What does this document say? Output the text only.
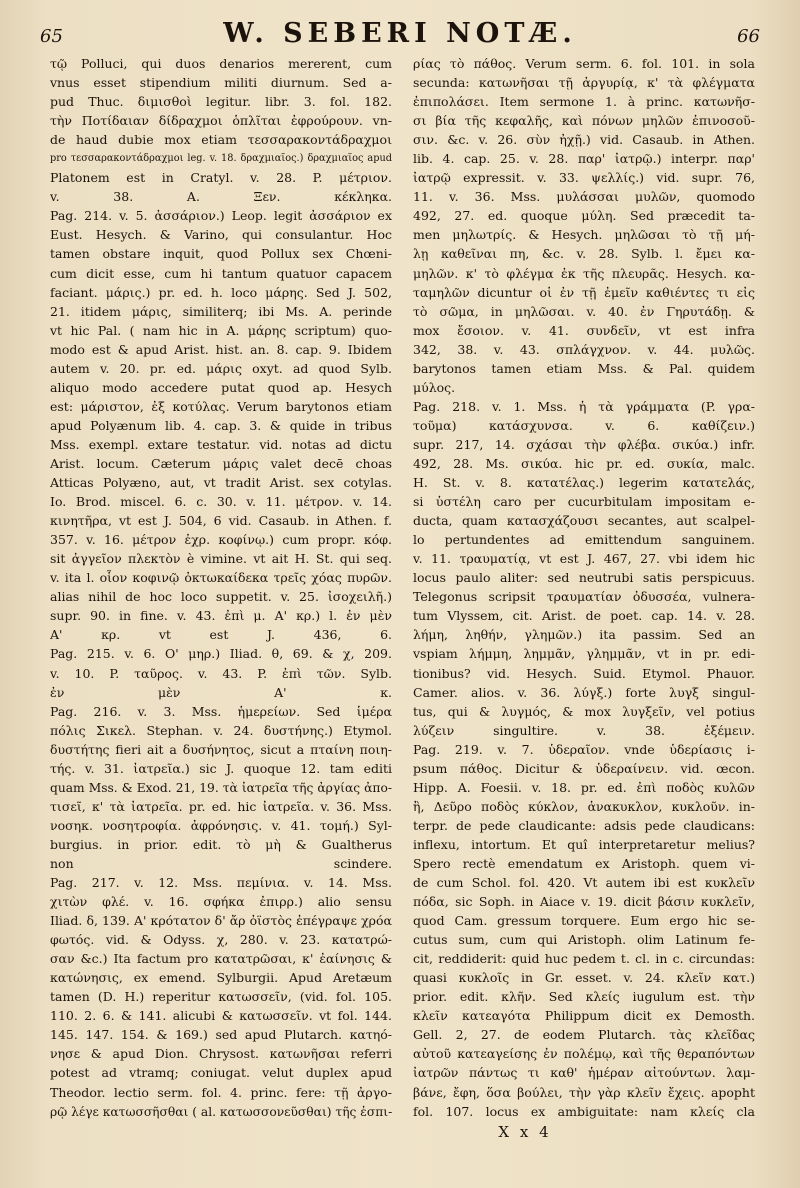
65	W. SEBERI NOTÆ.	66
τῷ Polluci, qui duos denarios mererent, cum
vnus esset stipendium militi diurnum. Sed a-
pud Thuc. διμισθοὶ legitur. libr. 3. fol. 182.
τὴν Ποτίδαιαν δίδραχμοι ὁπλῖται ἐφρούρουν. vn-
de haud dubie mox etiam τεσσαρακοντάδραχμοι
pro τεσσαρακοντάδραχμοι leg. v. 18. δραχμιαῖος.) δραχμιαῖος apud
Platonem est in Cratyl. v. 28. P. μέτριον.
v. 38. A. Ξεν. κέκληκα.
Pag. 214. v. 5. ἀσσάριον.) Leop. legit ἀσσάριον ex
Eust. Hesych. & Varino, qui consulantur. Hoc
tamen obstare inquit, quod Pollux sex Chœni-
cum dicit esse, cum hi tantum quatuor capacem
faciant. μάρις.) pr. ed. h. loco μάρης. Sed J. 502,
21. itidem μάρις, similiterq; ibi Ms. A. perinde
vt hic Pal. ( nam hic in A. μάρης scriptum) quo-
modo est & apud Arist. hist. an. 8. cap. 9. Ibidem
autem v. 20. pr. ed. μάρις oxyt. ad quod Sylb.
aliquo modo accedere putat quod ap. Hesych
est: μάριστον, ἐξ κοτύλας. Verum barytonos etiam
apud Polyænum lib. 4. cap. 3. & quide in tribus
Mss. exempl. extare testatur. vid. notas ad dictu
Arist. locum. Cæterum μάρις valet decē choas
Atticas Polyæno, aut, vt tradit Arist. sex cotylas.
Io. Brod. miscel. 6. c. 30. v. 11. μέτρον. v. 14.
κινητῆρα, vt est J. 504, 6 vid. Casaub. in Athen. f.
357. v. 16. μέτρον ἐχρ. κοφίνῳ.) cum propr. κόφ.
sit ἀγγεῖον πλεκτὸν è vimine. vt ait H. St. qui seq.
v. ita l. οἷον κοφινῷ ὀκτωκαίδεκα τρεῖς χόας πυρῶν.
alias nihil de hoc loco suppetit. v. 25. ἰσοχειλῆ.)
supr. 90. in fine. v. 43. ἐπὶ μ. Α' κρ.) l. ἐν μὲν
Α' κρ. vt est J. 436, 6.
Pag. 215. v. 6. Ο' μηρ.) Iliad. θ, 69. & χ, 209.
v. 10. P. ταῦρος. v. 43. P. ἐπὶ τῶν. Sylb.
ἐν μὲν Α' κ.
Pag. 216. v. 3. Mss. ἡμερείων. Sed ἱμέρα
πόλις Σικελ. Stephan. v. 24. δυστήνης.) Etymol.
δυστήτης fieri ait a δυσήνητος, sicut a πταίνη ποιη-
τής. v. 31. ἰατρεῖα.) sic J. quoque 12. tam editi
quam Mss. & Exod. 21, 19. τὰ ἰατρεῖα τῆς ἀργίας ἀπο-
τισεῖ, κ' τὰ ἰατρεῖα. pr. ed. hic ἰατρεῖα. v. 36. Mss.
νοσηκ. νοσητροφία. ἀφρόνησις. v. 41. τομή.) Syl-
burgius. in prior. edit. τὸ μὴ & Gualtherus
non scindere.
Pag. 217. v. 12. Mss. πεμίνια. v. 14. Mss.
χιτὼν φλέ. v. 16. σφήκα ἐπιρρ.) alio sensu
Iliad. δ, 139. Α' κρότατον δ' ἄρ ὀϊστὸς ἐπέγραψε χρόα
φωτός. vid. & Odyss. χ, 280. v. 23. κατατρώ-
σαν &c.) Ita factum pro κατατρῶσαι, κ' ἐαίνησις &
κατώνησις, ex emend. Sylburgii. Apud Aretæum
tamen (D. H.) reperitur κατωσσεῖν, (vid. fol. 105.
110. 2. 6. & 141. alicubi & κατωσσεῖν. vt fol. 144.
145. 147. 154. & 169.) sed apud Plutarch. κατηό-
νησε & apud Dion. Chrysost. κατωνῆσαι referri
potest ad vtramq; coniugat. velut duplex apud
Theodor. lectio serm. fol. 4. princ. fere: τῇ ἀργο-
ρῷ λέγε κατωσσῆσθαι ( al. κατωσσονεῦσθαι) τῆς ἐσπι-
ρίας τὸ πάθος. Verum serm. 6. fol. 101. in sola
secunda: κατωνῆσαι τῇ ἀργυρίᾳ, κ' τὰ φλέγματα
ἐπιπολάσει. Item sermone 1. à princ. κατωνῆσ-
σι βία τῆς κεφαλῆς, καὶ πόνων μηλῶν ἐπινοσοῦ-
σιν. &c. v. 26. σὺν ἠχῇ.) vid. Casaub. in Athen.
lib. 4. cap. 25. v. 28. παρ' ἰατρῷ.) interpr. παρ'
ἰατρῷ expressit. v. 33. ψελλίς.) vid. supr. 76,
11. v. 36. Mss. μυλάσσαι μυλῶν, quomodo
492, 27. ed. quoque μύλη. Sed præcedit ta-
men μηλωτρίς. & Hesych. μηλῶσαι τὸ τῇ μή-
λῃ καθεῖναι πη, &c. v. 28. Sylb. l. ἔμει κα-
μηλῶν. κ' τὸ φλέγμα ἐκ τῆς πλευρᾶς. Hesych. κα-
ταμηλῶν dicuntur οἱ ἐν τῇ ἐμεῖν καθιέντες τι εἰς
τὸ σῶμα, in μηλῶσαι. v. 40. ἐν Γηρυτάδῃ. &
mox ἔσοιον. v. 41. συνδεῖν, vt est infra
342, 38. v. 43. σπλάγχνον. v. 44. μυλῶς.
barytonos tamen etiam Mss. & Pal. quidem
μύλος.
Pag. 218. v. 1. Mss. ἡ τὰ γράμματα (P. γρα-
τοῦμα) κατάσχυνσα. v. 6. καθίζειν.)
supr. 217, 14. σχάσαι τὴν φλέβα. σικύα.) infr.
492, 28. Ms. σικύα. hic pr. ed. συκία, malc.
H. St. v. 8. κατατέλας.) legerim κατατελάς,
si ὑστέλη caro per cucurbitulam impositam e-
ducta, quam κατασχάζουσι secantes, aut scalpel-
lo pertundentes ad emittendum sanguinem.
v. 11. τραυματίᾳ, vt est J. 467, 27. vbi idem hic
locus paulo aliter: sed neutrubi satis perspicuus.
Telegonus scripsit τραυματίαν ὀδυσσέα, vulnera-
tum Vlyssem, cit. Arist. de poet. cap. 14. v. 28.
λήμη, ληθήν, γλημῶν.) ita passim. Sed an
vspiam λήμμη, λημμᾶν, γλημμᾶν, vt in pr. edi-
tionibus? vid. Hesych. Suid. Etymol. Phauor.
Camer. alios. v. 36. λύγξ.) forte λυγξ singul-
tus, qui & λυγμός, & mox λυγξεῖν, vel potius
λύζειν singultire. v. 38. ἐξέμειν.
Pag. 219. v. 7. ὑδεραῖον. vnde ὑδερίασις i-
psum πάθος. Dicitur & ὑδεραίνειν. vid. œcon.
Hipp. A. Foesii. v. 18. pr. ed. ἐπὶ ποδὸς κυλῶν
ἢ, Δεῦρο ποδὸς κύκλον, ἀνακυκλον, κυκλοῦν. in-
terpr. de pede claudicante: adsis pede claudicans:
inflexu, intortum. Et quî interpretaretur melius?
Spero rectè emendatum ex Aristoph. quem vi-
de cum Schol. fol. 420. Vt autem ibi est κυκλεῖν
πόδα, sic Soph. in Aiace v. 19. dicit βάσιν κυκλεῖν,
quod Cam. gressum torquere. Eum ergo hic se-
cutus sum, cum qui Aristoph. olim Latinum fe-
cit, reddiderit: quid huc pedem t. cl. in c. circundas:
quasi κυκλοῖς in Gr. esset. v. 24. κλεῖν κατ.)
prior. edit. κλῆν. Sed κλείς iugulum est. τὴν
κλεῖν κατεαγότα Philippum dicit ex Demosth.
Gell. 2, 27. de eodem Plutarch. τὰς κλεῖδας
αὐτοῦ κατεαγείσης ἐν πολέμῳ, καὶ τῆς θεραπόντων
ἰατρῶν πάντως τι καθ' ἡμέραν αἰτούντων. λαμ-
βάνε, ἔφη, ὅσα βούλει, τὴν γὰρ κλεῖν ἔχεις. apopht
fol. 107. locus ex ambiguitate: nam κλείς cla
X x 4
